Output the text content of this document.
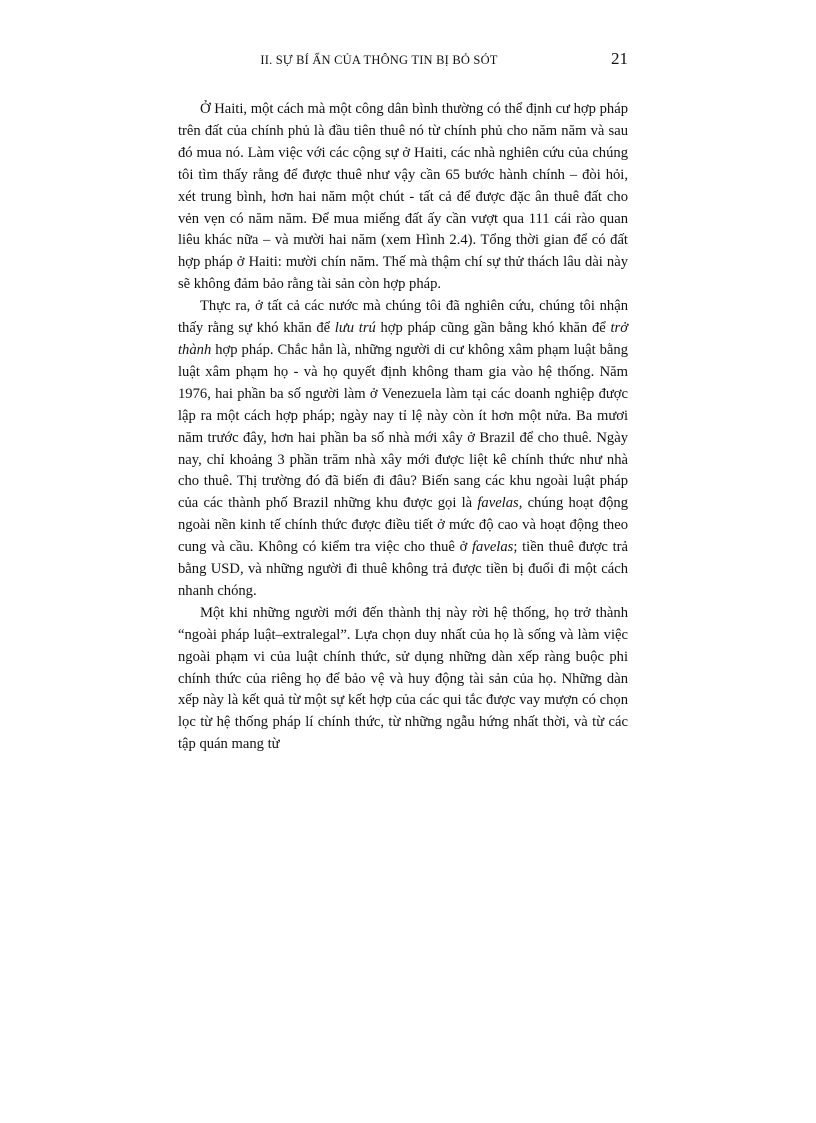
II. SỰ BÍ ẨN CỦA THÔNG TIN BỊ BỎ SÓT	21

Ở Haiti, một cách mà một công dân bình thường có thể định cư hợp pháp trên đất của chính phủ là đầu tiên thuê nó từ chính phủ cho năm năm và sau đó mua nó. Làm việc với các cộng sự ở Haiti, các nhà nghiên cứu của chúng tôi tìm thấy rằng để được thuê như vậy cần 65 bước hành chính – đòi hỏi, xét trung bình, hơn hai năm một chút - tất cả để được đặc ân thuê đất cho vẻn vẹn có năm năm. Để mua miếng đất ấy cần vượt qua 111 cái rào quan liêu khác nữa – và mười hai năm (xem Hình 2.4). Tổng thời gian để có đất hợp pháp ở Haiti: mười chín năm. Thế mà thậm chí sự thử thách lâu dài này sẽ không đảm bảo rằng tài sản còn hợp pháp.

Thực ra, ở tất cả các nước mà chúng tôi đã nghiên cứu, chúng tôi nhận thấy rằng sự khó khăn để lưu trú hợp pháp cũng gần bằng khó khăn để trở thành hợp pháp. Chắc hẳn là, những người di cư không xâm phạm luật bằng luật xâm phạm họ - và họ quyết định không tham gia vào hệ thống. Năm 1976, hai phần ba số người làm ở Venezuela làm tại các doanh nghiệp được lập ra một cách hợp pháp; ngày nay tỉ lệ này còn ít hơn một nửa. Ba mươi năm trước đây, hơn hai phần ba số nhà mới xây ở Brazil để cho thuê. Ngày nay, chỉ khoảng 3 phần trăm nhà xây mới được liệt kê chính thức như nhà cho thuê. Thị trường đó đã biến đi đâu? Biến sang các khu ngoài luật pháp của các thành phố Brazil những khu được gọi là favelas, chúng hoạt động ngoài nền kinh tế chính thức được điều tiết ở mức độ cao và hoạt động theo cung và cầu. Không có kiểm tra việc cho thuê ở favelas; tiền thuê được trả bằng USD, và những người đi thuê không trả được tiền bị đuổi đi một cách nhanh chóng.

Một khi những người mới đến thành thị này rời hệ thống, họ trở thành “ngoài pháp luật–extralegal”. Lựa chọn duy nhất của họ là sống và làm việc ngoài phạm vi của luật chính thức, sử dụng những dàn xếp ràng buộc phi chính thức của riêng họ để bảo vệ và huy động tài sản của họ. Những dàn xếp này là kết quả từ một sự kết hợp của các qui tắc được vay mượn có chọn lọc từ hệ thống pháp lí chính thức, từ những ngẫu hứng nhất thời, và từ các tập quán mang từ
